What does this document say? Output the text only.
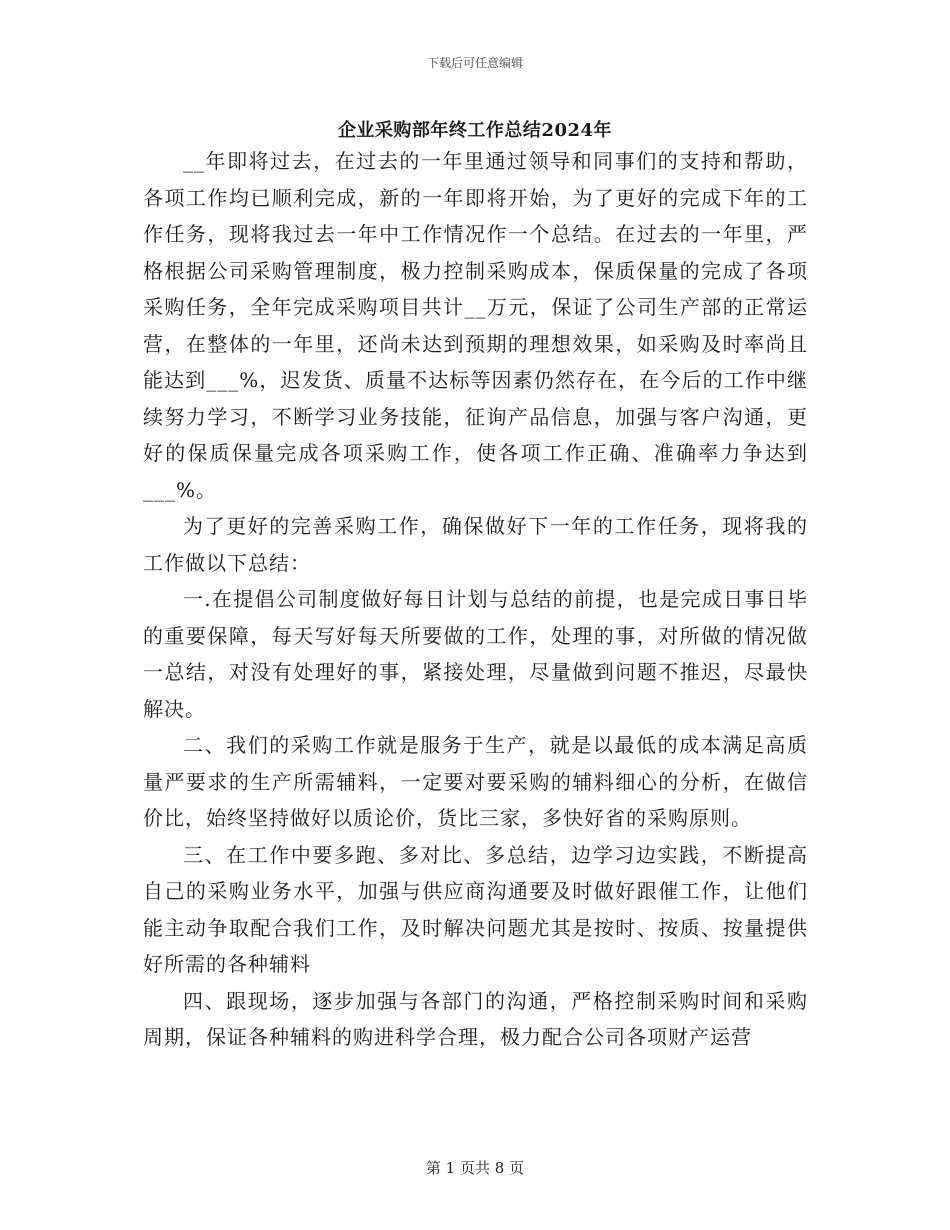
下载后可任意编辑
企业采购部年终工作总结2024年

__年即将过去，在过去的一年里通过领导和同事们的支持和帮助，各项工作均已顺利完成，新的一年即将开始，为了更好的完成下年的工作任务，现将我过去一年中工作情况作一个总结。在过去的一年里，严格根据公司采购管理制度，极力控制采购成本，保质保量的完成了各项采购任务，全年完成采购项目共计__万元，保证了公司生产部的正常运营，在整体的一年里，还尚未达到预期的理想效果，如采购及时率尚且能达到___%，迟发货、质量不达标等因素仍然存在，在今后的工作中继续努力学习，不断学习业务技能，征询产品信息，加强与客户沟通，更好的保质保量完成各项采购工作，使各项工作正确、准确率力争达到___%。

为了更好的完善采购工作，确保做好下一年的工作任务，现将我的工作做以下总结：

一.在提倡公司制度做好每日计划与总结的前提，也是完成日事日毕的重要保障，每天写好每天所要做的工作，处理的事，对所做的情况做一总结，对没有处理好的事，紧接处理，尽量做到问题不推迟，尽最快解决。

二、我们的采购工作就是服务于生产，就是以最低的成本满足高质量严要求的生产所需辅料，一定要对要采购的辅料细心的分析，在做信价比，始终坚持做好以质论价，货比三家，多快好省的采购原则。

三、在工作中要多跑、多对比、多总结，边学习边实践，不断提高自己的采购业务水平，加强与供应商沟通要及时做好跟催工作，让他们能主动争取配合我们工作，及时解决问题尤其是按时、按质、按量提供好所需的各种辅料

四、跟现场，逐步加强与各部门的沟通，严格控制采购时间和采购周期，保证各种辅料的购进科学合理，极力配合公司各项财产运营

第 1 页共 8 页
